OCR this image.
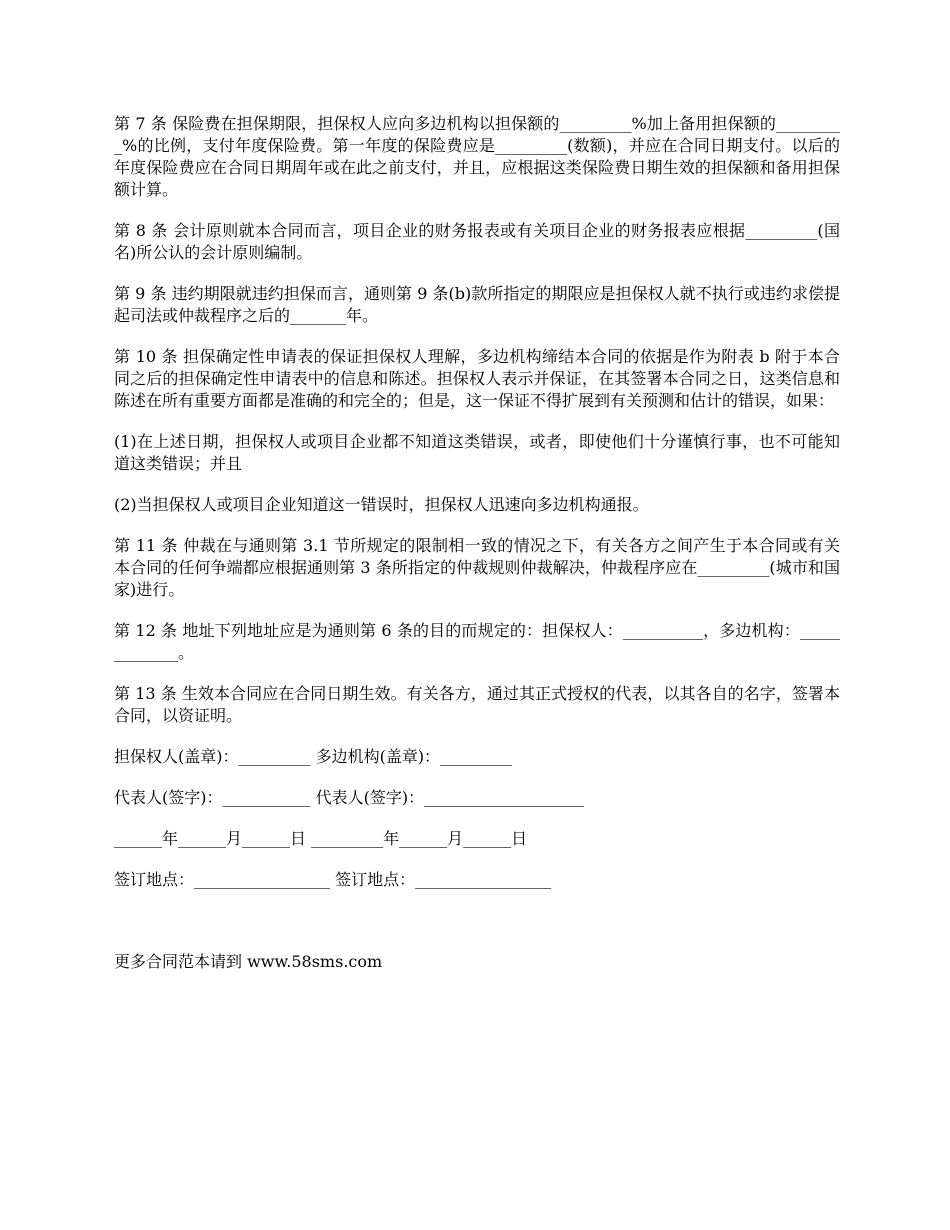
第 7 条 保险费在担保期限，担保权人应向多边机构以担保额的_________%加上备用担保额的_________%的比例，支付年度保险费。第一年度的保险费应是_________(数额)，并应在合同日期支付。以后的年度保险费应在合同日期周年或在此之前支付，并且，应根据这类保险费日期生效的担保额和备用担保额计算。

第 8 条 会计原则就本合同而言，项目企业的财务报表或有关项目企业的财务报表应根据_________(国名)所公认的会计原则编制。

第 9 条 违约期限就违约担保而言，通则第 9 条(b)款所指定的期限应是担保权人就不执行或违约求偿提起司法或仲裁程序之后的_______年。

第 10 条 担保确定性申请表的保证担保权人理解，多边机构缔结本合同的依据是作为附表 b 附于本合同之后的担保确定性申请表中的信息和陈述。担保权人表示并保证，在其签署本合同之日，这类信息和陈述在所有重要方面都是准确的和完全的；但是，这一保证不得扩展到有关预测和估计的错误，如果：

(1)在上述日期，担保权人或项目企业都不知道这类错误，或者，即使他们十分谨慎行事，也不可能知道这类错误；并且

(2)当担保权人或项目企业知道这一错误时，担保权人迅速向多边机构通报。

第 11 条 仲裁在与通则第 3.1 节所规定的限制相一致的情况之下，有关各方之间产生于本合同或有关本合同的任何争端都应根据通则第 3 条所指定的仲裁规则仲裁解决，仲裁程序应在_________(城市和国家)进行。

第 12 条 地址下列地址应是为通则第 6 条的目的而规定的：担保权人：__________，多边机构：_____________。

第 13 条 生效本合同应在合同日期生效。有关各方，通过其正式授权的代表，以其各自的名字，签署本合同，以资证明。

担保权人(盖章)：_________ 多边机构(盖章)：_________

代表人(签字)：___________ 代表人(签字)：____________________

______年______月______日 _________年______月______日

签订地点：_________________ 签订地点：_________________

更多合同范本请到 www.58sms.com
